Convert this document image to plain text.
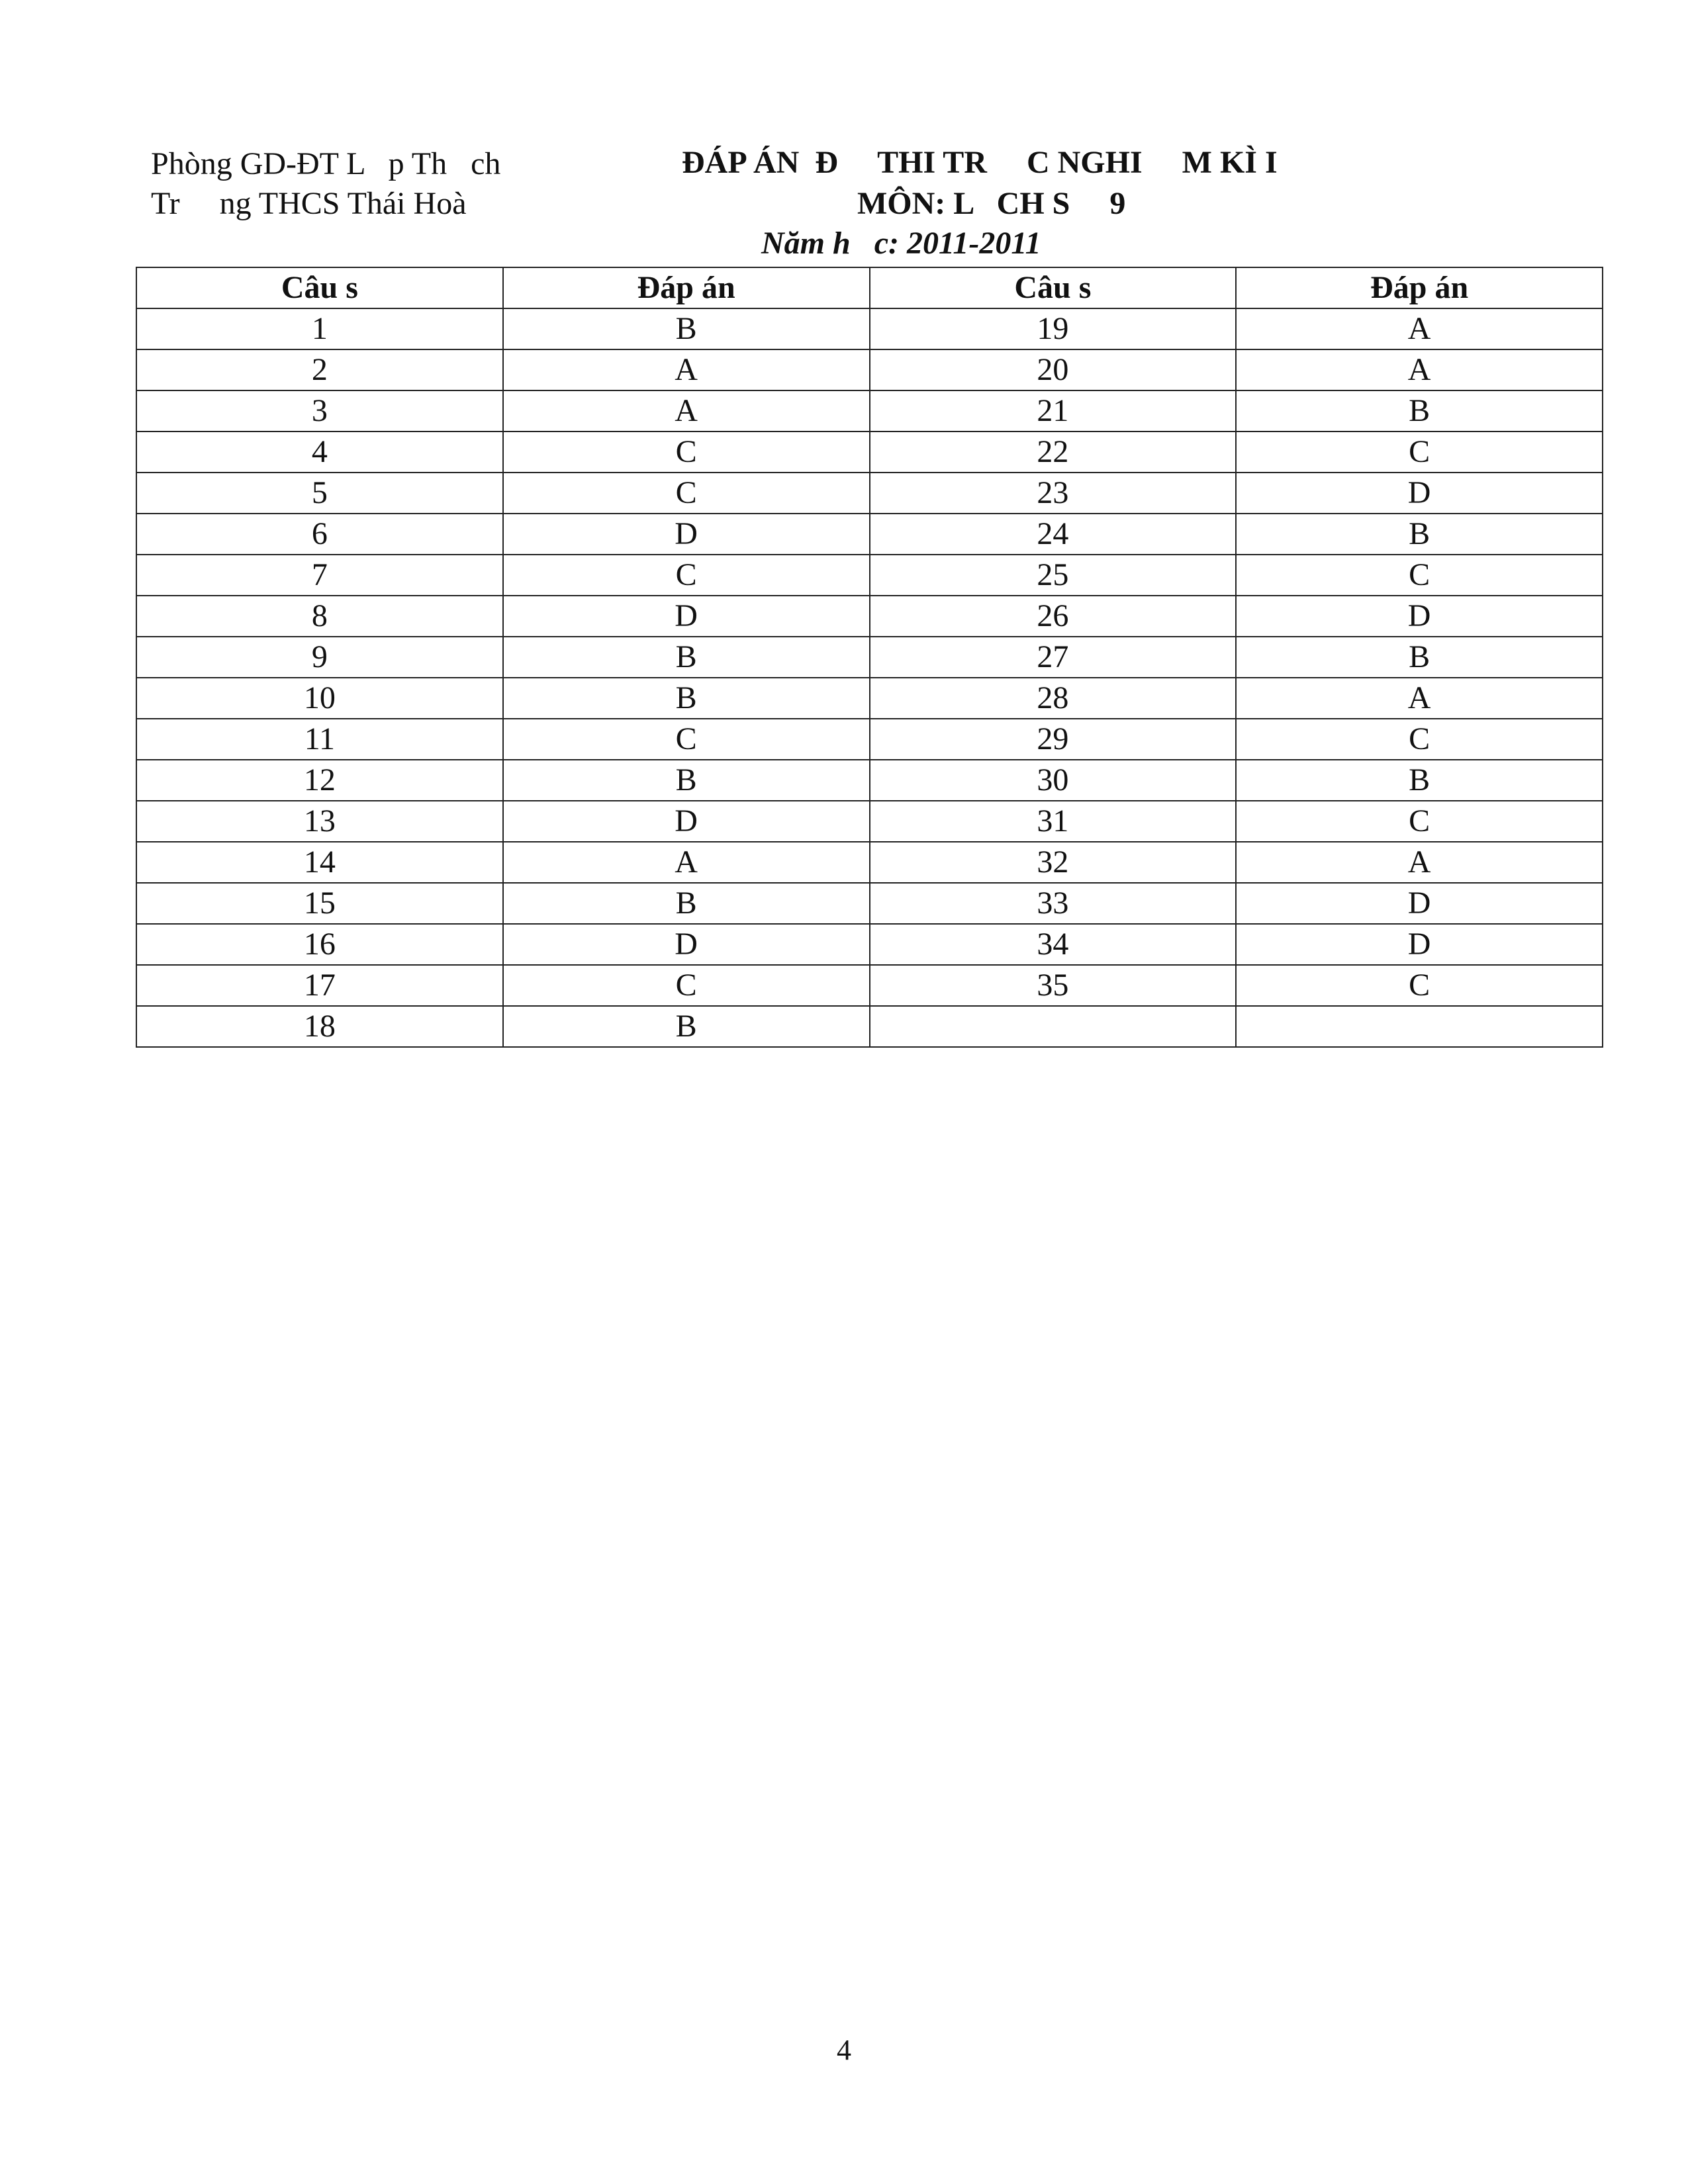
Phòng GD-ĐT L   p Th   ch
Tr     ng THCS Thái Hoà
ĐÁP ÁN  Đ     THI TR     C NGHI     M KÌ I
MÔN: L   CH S     9
Năm h   c: 2011-2011
Câu s	Đáp án	Câu s	Đáp án
1	B	19	A
2	A	20	A
3	A	21	B
4	C	22	C
5	C	23	D
6	D	24	B
7	C	25	C
8	D	26	D
9	B	27	B
10	B	28	A
11	C	29	C
12	B	30	B
13	D	31	C
14	A	32	A
15	B	33	D
16	D	34	D
17	C	35	C
18	B		
4
